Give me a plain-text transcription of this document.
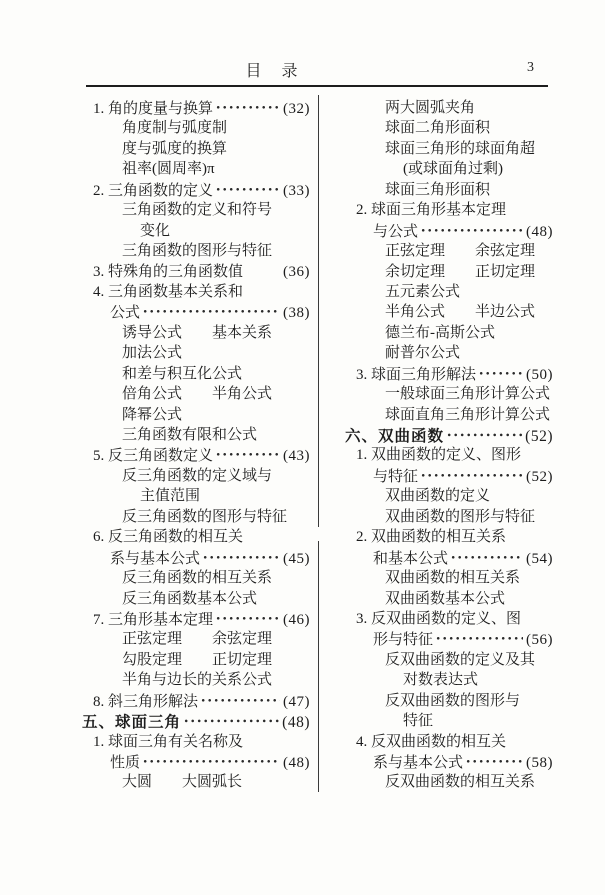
目　录	3
1. 角的度量与换算	(32)
角度制与弧度制
度与弧度的换算
祖率(圆周率)π
2. 三角函数的定义	(33)
三角函数的定义和符号
变化
三角函数的图形与特征
3. 特殊角的三角函数值	(36)
4. 三角函数基本关系和
公式	(38)
诱导公式　　基本关系
加法公式
和差与积互化公式
倍角公式　　半角公式
降幂公式
三角函数有限和公式
5. 反三角函数定义	(43)
反三角函数的定义域与
主值范围
反三角函数的图形与特征
6. 反三角函数的相互关
系与基本公式	(45)
反三角函数的相互关系
反三角函数基本公式
7. 三角形基本定理	(46)
正弦定理　　余弦定理
勾股定理　　正切定理
半角与边长的关系公式
8. 斜三角形解法	(47)
五、球面三角	(48)
1. 球面三角有关名称及
性质	(48)
大圆　　大圆弧长
两大圆弧夹角
球面二角形面积
球面三角形的球面角超
(或球面角过剩)
球面三角形面积
2. 球面三角形基本定理
与公式	(48)
正弦定理　　余弦定理
余切定理　　正切定理
五元素公式
半角公式　　半边公式
德兰布-高斯公式
耐普尔公式
3. 球面三角形解法	(50)
一般球面三角形计算公式
球面直角三角形计算公式
六、双曲函数	(52)
1. 双曲函数的定义、图形
与特征	(52)
双曲函数的定义
双曲函数的图形与特征
2. 双曲函数的相互关系
和基本公式	(54)
双曲函数的相互关系
双曲函数基本公式
3. 反双曲函数的定义、图
形与特征	(56)
反双曲函数的定义及其
对数表达式
反双曲函数的图形与
特征
4. 反双曲函数的相互关
系与基本公式	(58)
反双曲函数的相互关系
